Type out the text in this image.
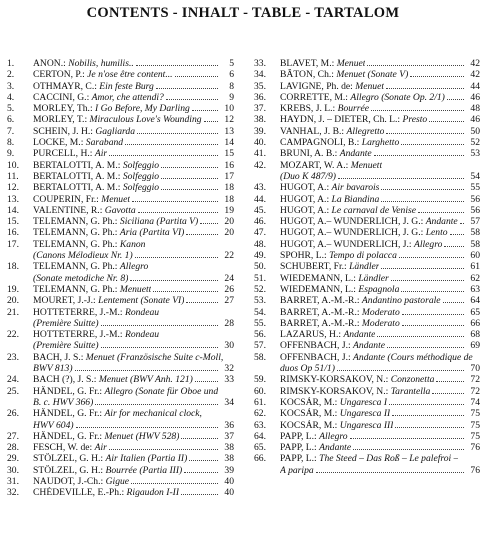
CONTENTS - INHALT - TABLE - TARTALOM
1. ANON.: Nobilis, humilis..	5
2. CERTON, P.: Je n'ose être content...	6
3. OTHMAYR, C.: Ein feste Burg	8
4. CACCINI, G.: Amor, che attendi?	9
5. MORLEY, Th.: I Go Before, My Darling	10
6. MORLEY, T.: Miraculous Love's Wounding	12
7. SCHEIN, J. H.: Gagliarda	13
8. LOCKE, M.: Saraband	14
9. PURCELL, H.: Air	15
10. BERTALOTTI, A. M.: Solfeggio	16
11. BERTALOTTI, A. M.: Solfeggio	17
12. BERTALOTTI, A. M.: Solfeggio	18
13. COUPERIN, Fr.: Menuet	18
14. VALENTINE, R.: Gavotta	19
15. TELEMANN, G. Ph.: Siciliana (Partita V)	20
16. TELEMANN, G. Ph.: Aria (Partita VI)	20
17. TELEMANN, G. Ph.: Kanon
(Canons Mélodieux Nr. 1)	22
18. TELEMANN, G. Ph.: Allegro
(Sonate metodiche Nr. 8)	24
19. TELEMANN, G. Ph.: Menuett	26
20. MOURET, J.-J.: Lentement (Sonate VI)	27
21. HOTTETERRE, J.-M.: Rondeau
(Première Suitte)	28
22. HOTTETERRE, J.-M.: Rondeau
(Première Suitte)	30
23. BACH, J. S.: Menuet (Französische Suite c-Moll,
BWV 813)	32
24. BACH (?), J. S.: Menuet (BWV Anh. 121)	33
25. HÄNDEL, G. Fr.: Allegro (Sonate für Oboe und
B. c. HWV 366)	34
26. HÄNDEL, G. Fr.: Air for mechanical clock,
HWV 604)	36
27. HÄNDEL, G. Fr.: Menuet (HWV 528)	37
28. FESCH, W. de: Air	38
29. STÖLZEL, G. H.: Air Italien (Partia II)	38
30. STÖLZEL, G. H.: Bourrée (Partia III)	39
31. NAUDOT, J.-Ch.: Gigue	40
32. CHÉDEVILLE, E.-Ph.: Rigaudon I-II	40
33. BLAVET, M.: Menuet	42
34. BÂTON, Ch.: Menuet (Sonate V)	42
35. LAVIGNE, Ph. de: Menuet	44
36. CORRETTE, M.: Allegro (Sonate Op. 2/1)	46
37. KREBS, J. L.: Bourrée	48
38. HAYDN, J. – DIETER, Ch. L.: Presto	46
39. VANHAL, J. B.: Allegretto	50
40. CAMPAGNOLI, B.: Larghetto	52
41. BRUNI, A. B.: Andante	53
42. MOZART, W. A.: Menuett
(Duo K 487/9)	54
43. HUGOT, A.: Air bavarois	55
44. HUGOT, A.: La Biandina	56
45. HUGOT, A.: Le carnaval de Venise	56
46. HUGOT, A.– WUNDERLICH, J. G.: Andante	57
47. HUGOT, A.– WUNDERLICH, J. G.: Lento	58
48. HUGOT, A.– WUNDERLICH, J.: Allegro	58
49. SPOHR, L.: Tempo di polacca	60
50. SCHUBERT, Fr.: Ländler	61
51. WIEDEMANN, L.: Ländler	62
52. WIEDEMANN, L.: Espagnola	63
53. BARRET, A.-M.-R.: Andantino pastorale	64
54. BARRET, A.-M.-R.: Moderato	65
55. BARRET, A.-M.-R.: Moderato	66
56. LAZARUS, H.: Andante	68
57. OFFENBACH, J.: Andante	69
58. OFFENBACH, J.: Andante (Cours méthodique de
duos Op 51/1)	70
59. RIMSKY-KORSAKOV, N.: Conzonetta	72
60. RIMSKY-KORSAKOV, N.: Tarantella	72
61. KOCSÁR, M.: Ungaresca I	74
62. KOCSÁR, M.: Ungaresca II	75
63. KOCSÁR, M.: Ungaresca III	75
64. PAPP, L.: Allegro	75
65. PAPP, L.: Andante	76
66. PAPP, L.: The Steed – Das Roß – Le palefroi –
A paripa	76
